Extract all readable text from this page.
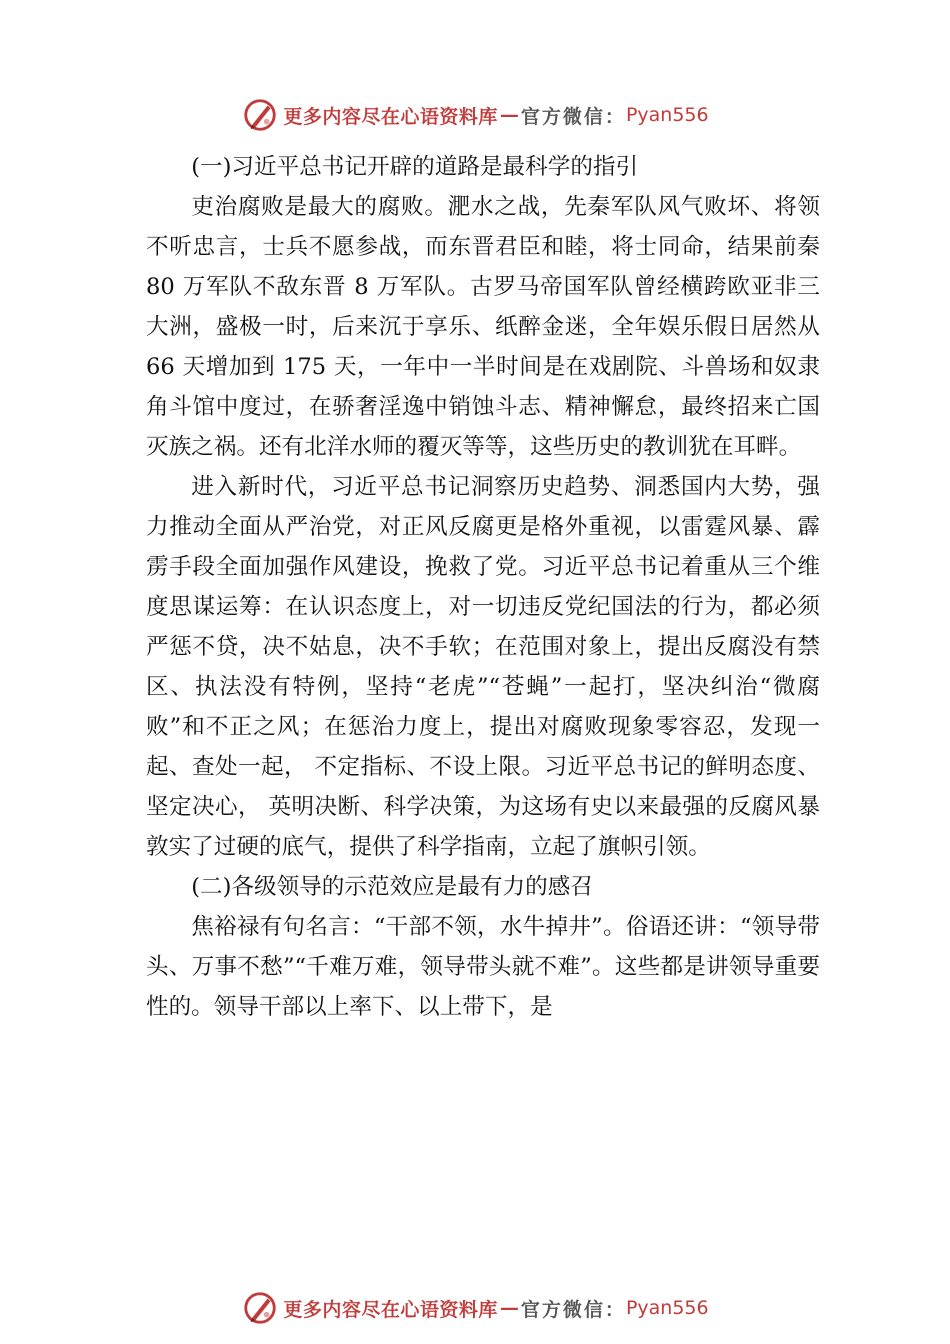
更多内容尽在心语资料库 — 官方微信： Pyan556

(一)习近平总书记开辟的道路是最科学的指引

吏治腐败是最大的腐败。淝水之战，先秦军队风气败坏、将领不听忠言，士兵不愿参战，而东晋君臣和睦，将士同命，结果前秦 80 万军队不敌东晋 8 万军队。古罗马帝国军队曾经横跨欧亚非三大洲，盛极一时，后来沉于享乐、纸醉金迷，全年娱乐假日居然从 66 天增加到 175 天，一年中一半时间是在戏剧院、斗兽场和奴隶角斗馆中度过，在骄奢淫逸中销蚀斗志、精神懈怠，最终招来亡国灭族之祸。还有北洋水师的覆灭等等，这些历史的教训犹在耳畔。

进入新时代，习近平总书记洞察历史趋势、洞悉国内大势，强力推动全面从严治党，对正风反腐更是格外重视，以雷霆风暴、霹雳手段全面加强作风建设，挽救了党。习近平总书记着重从三个维度思谋运筹：在认识态度上，对一切违反党纪国法的行为，都必须严惩不贷，决不姑息，决不手软；在范围对象上，提出反腐没有禁区、执法没有特例，坚持“老虎”“苍蝇”一起打，坚决纠治“微腐败”和不正之风；在惩治力度上，提出对腐败现象零容忍，发现一起、查处一起， 不定指标、不设上限。习近平总书记的鲜明态度、坚定决心， 英明决断、科学决策，为这场有史以来最强的反腐风暴敦实了过硬的底气，提供了科学指南，立起了旗帜引领。

(二)各级领导的示范效应是最有力的感召

焦裕禄有句名言：“干部不领，水牛掉井”。俗语还讲：“领导带头、万事不愁”“千难万难，领导带头就不难”。这些都是讲领导重要性的。领导干部以上率下、以上带下，是

更多内容尽在心语资料库 — 官方微信： Pyan556
